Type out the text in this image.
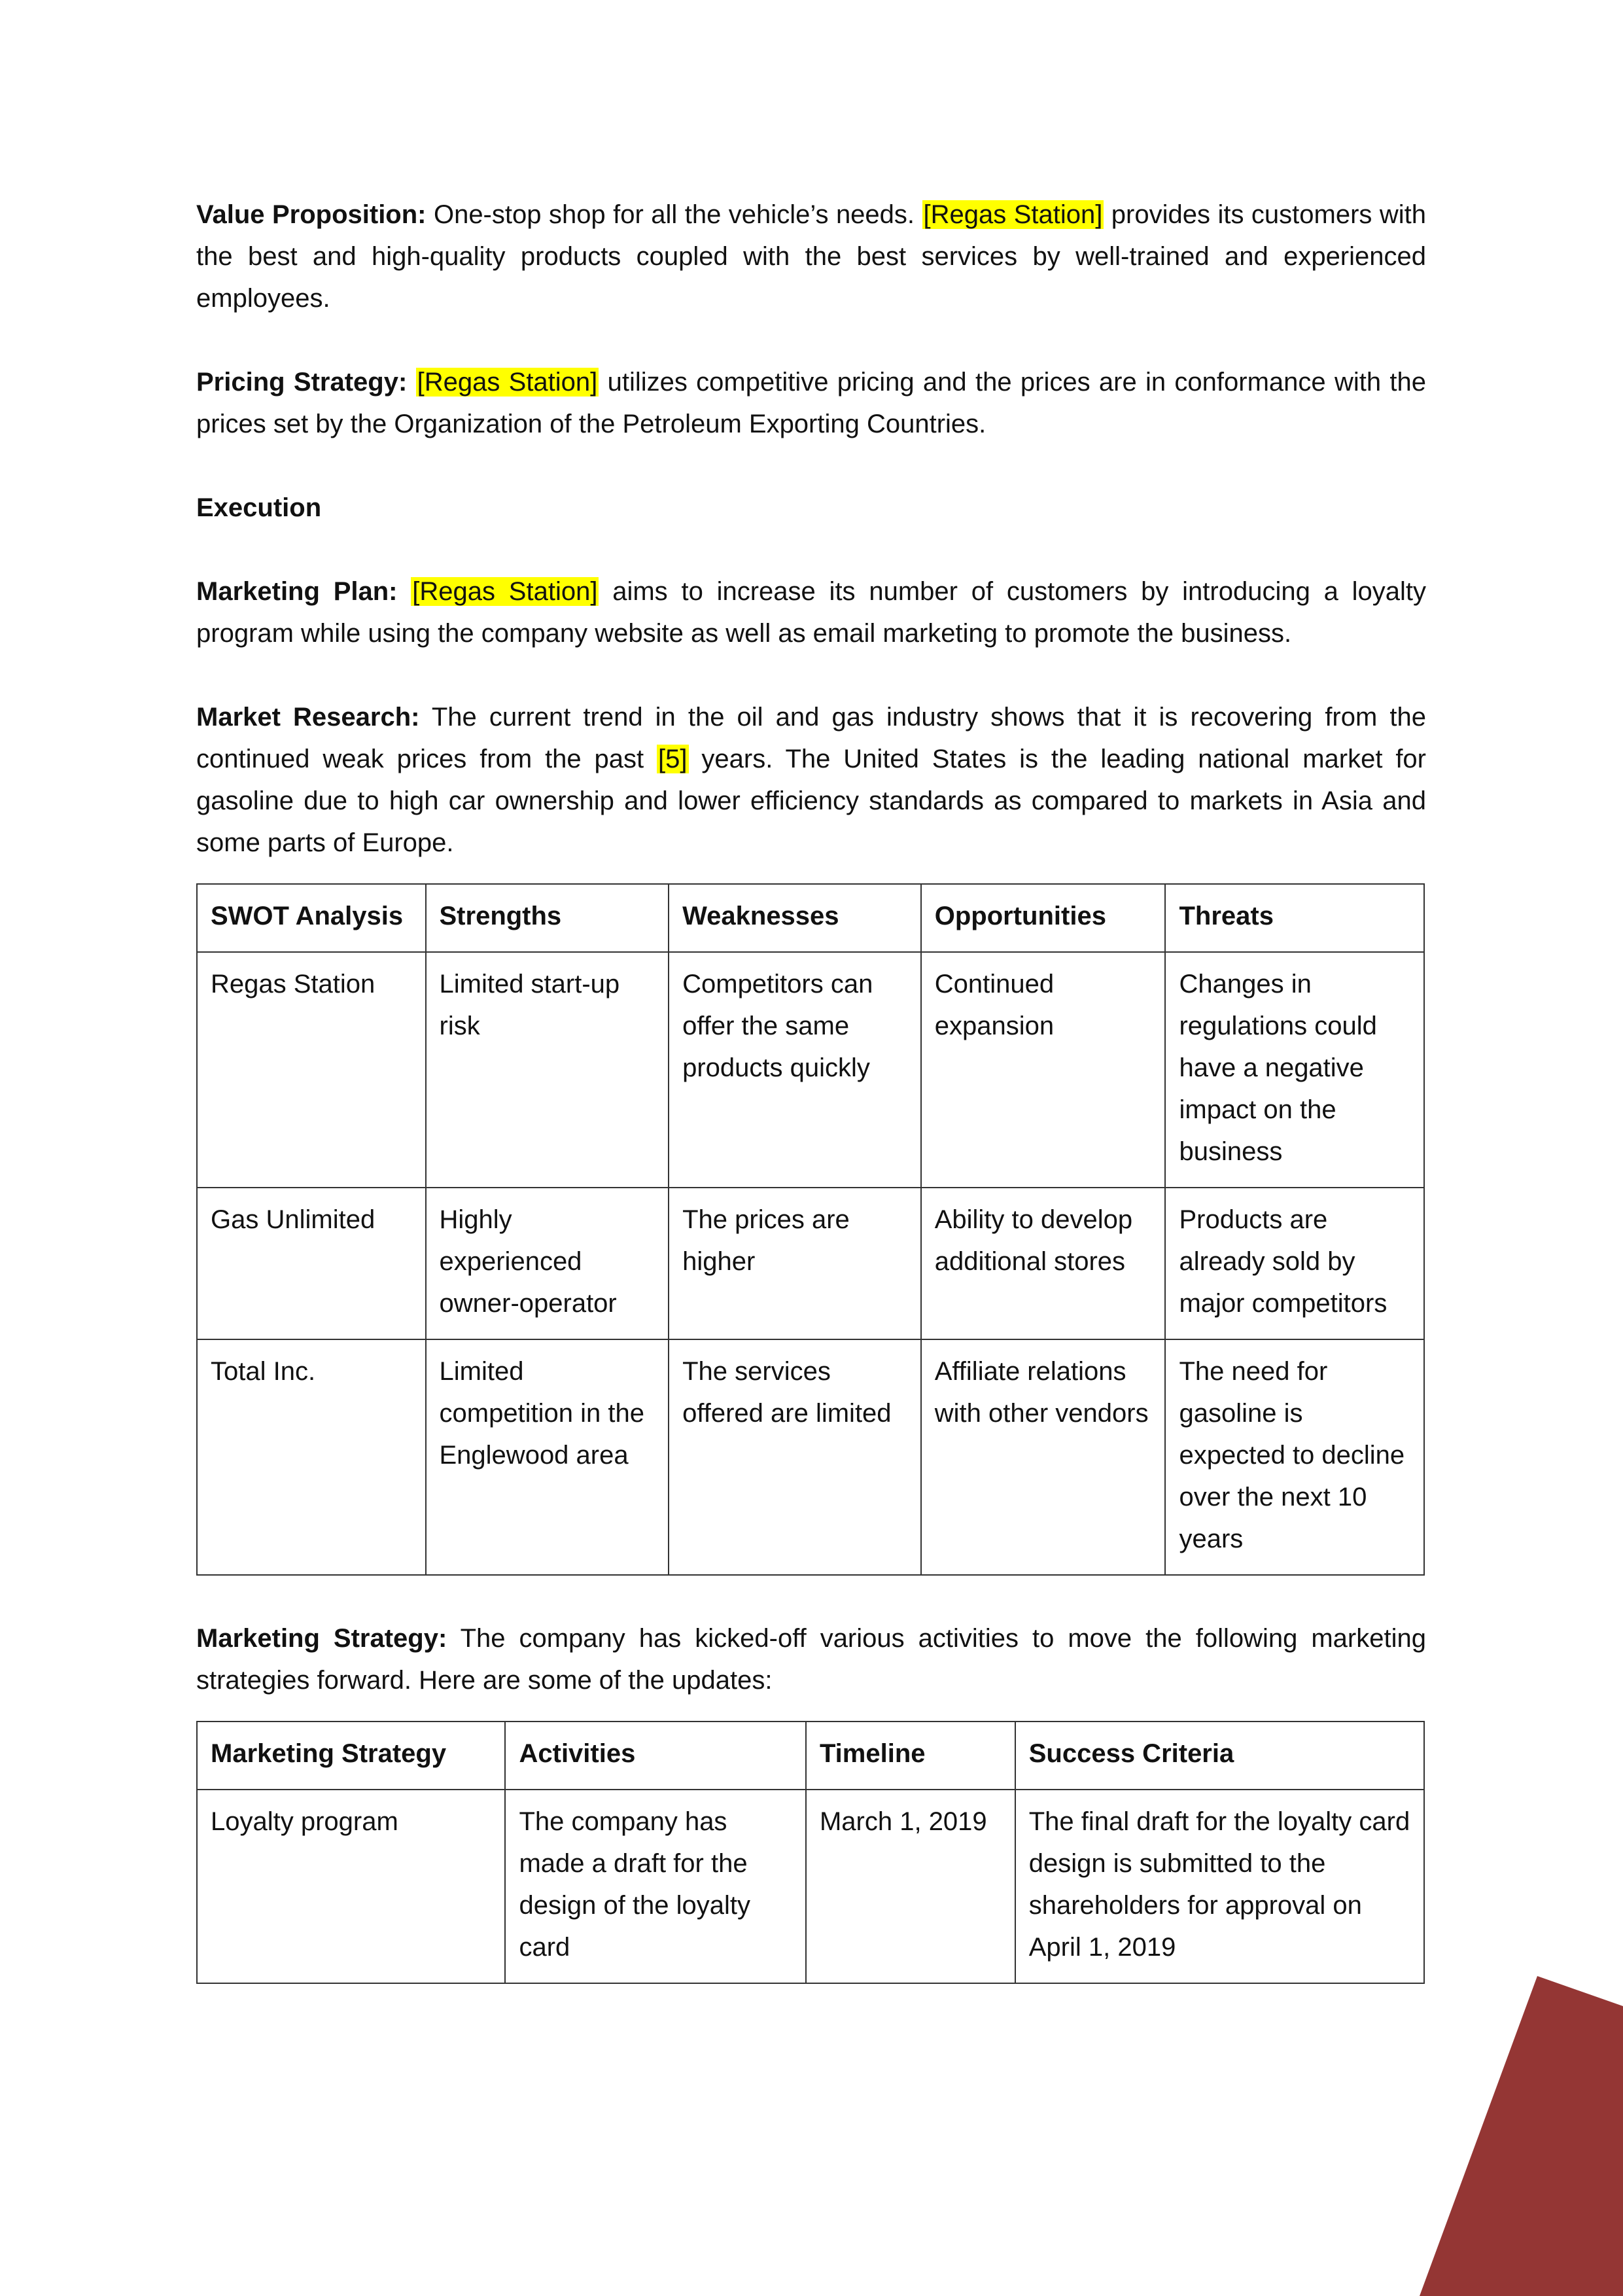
Value Proposition: One-stop shop for all the vehicle’s needs. [Regas Station] provides its customers with the best and high-quality products coupled with the best services by well-trained and experienced employees.

Pricing Strategy: [Regas Station] utilizes competitive pricing and the prices are in conformance with the prices set by the Organization of the Petroleum Exporting Countries.

Execution

Marketing Plan: [Regas Station] aims to increase its number of customers by introducing a loyalty program while using the company website as well as email marketing to promote the business.

Market Research: The current trend in the oil and gas industry shows that it is recovering from the continued weak prices from the past [5] years. The United States is the leading national market for gasoline due to high car ownership and lower efficiency standards as compared to markets in Asia and some parts of Europe.

SWOT Analysis	Strengths	Weaknesses	Opportunities	Threats
Regas Station	Limited start-up risk	Competitors can offer the same products quickly	Continued expansion	Changes in regulations could have a negative impact on the business
Gas Unlimited	Highly experienced owner-operator	The prices are higher	Ability to develop additional stores	Products are already sold by major competitors
Total Inc.	Limited competition in the Englewood area	The services offered are limited	Affiliate relations with other vendors	The need for gasoline is expected to decline over the next 10 years

Marketing Strategy: The company has kicked-off various activities to move the following marketing strategies forward. Here are some of the updates:

Marketing Strategy	Activities	Timeline	Success Criteria
Loyalty program	The company has made a draft for the design of the loyalty card	March 1, 2019	The final draft for the loyalty card design is submitted to the shareholders for approval on April 1, 2019
